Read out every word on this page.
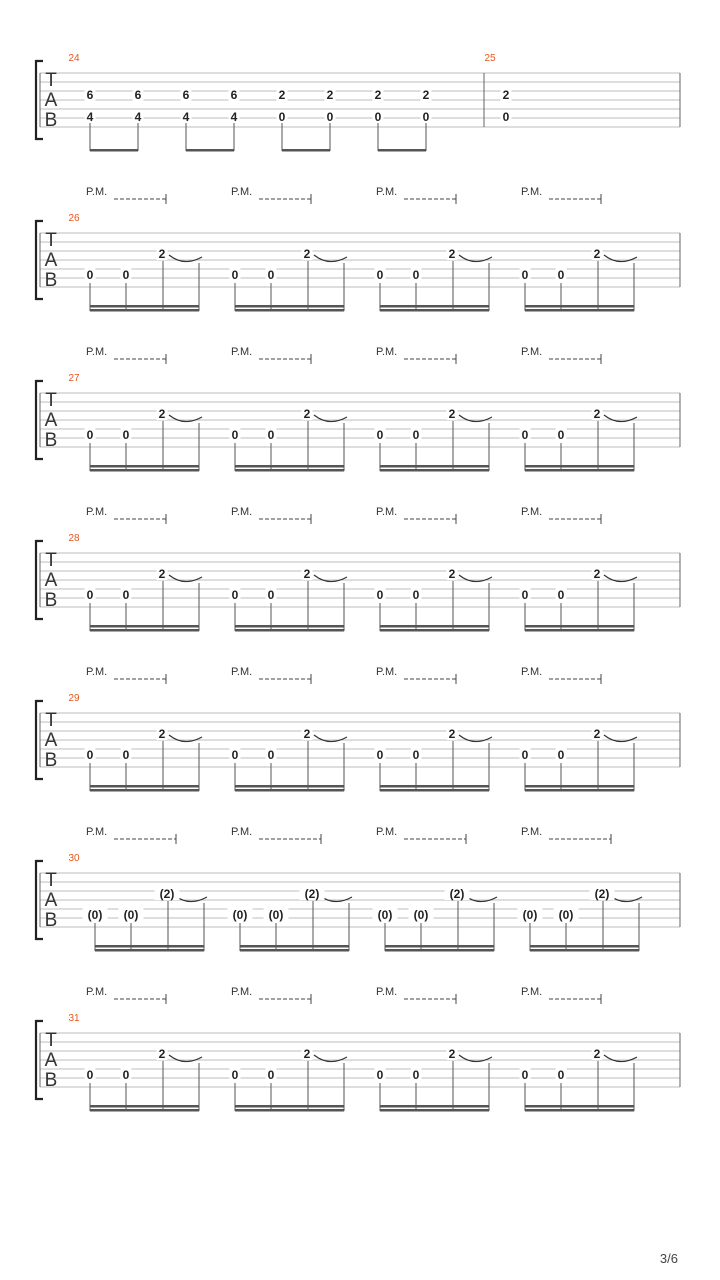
T
A
B
24	25
6
4
6
4
6
4
6
4
2
0
2
0
2
0
2
0
2
0
T
A
B
26
P.M.
0 0
2
P.M.
0 0
2
P.M.
0 0
2
P.M.
0 0
2
T
A
B
27
P.M.
0 0
2
P.M.
0 0
2
P.M.
0 0
2
P.M.
0 0
2
T
A
B
28
P.M.
0 0
2
P.M.
0 0
2
P.M.
0 0
2
P.M.
0 0
2
T
A
B
29
P.M.
0 0
2
P.M.
0 0
2
P.M.
0 0
2
P.M.
0 0
2
T
A
B
30
P.M.
(0) (0)
(2)
P.M.
(0) (0)
(2)
P.M.
(0) (0)
(2)
P.M.
(0) (0)
(2)
T
A
B
31
P.M.
0 0
2
P.M.
0 0
2
P.M.
0 0
2
P.M.
0 0
2
3/6
